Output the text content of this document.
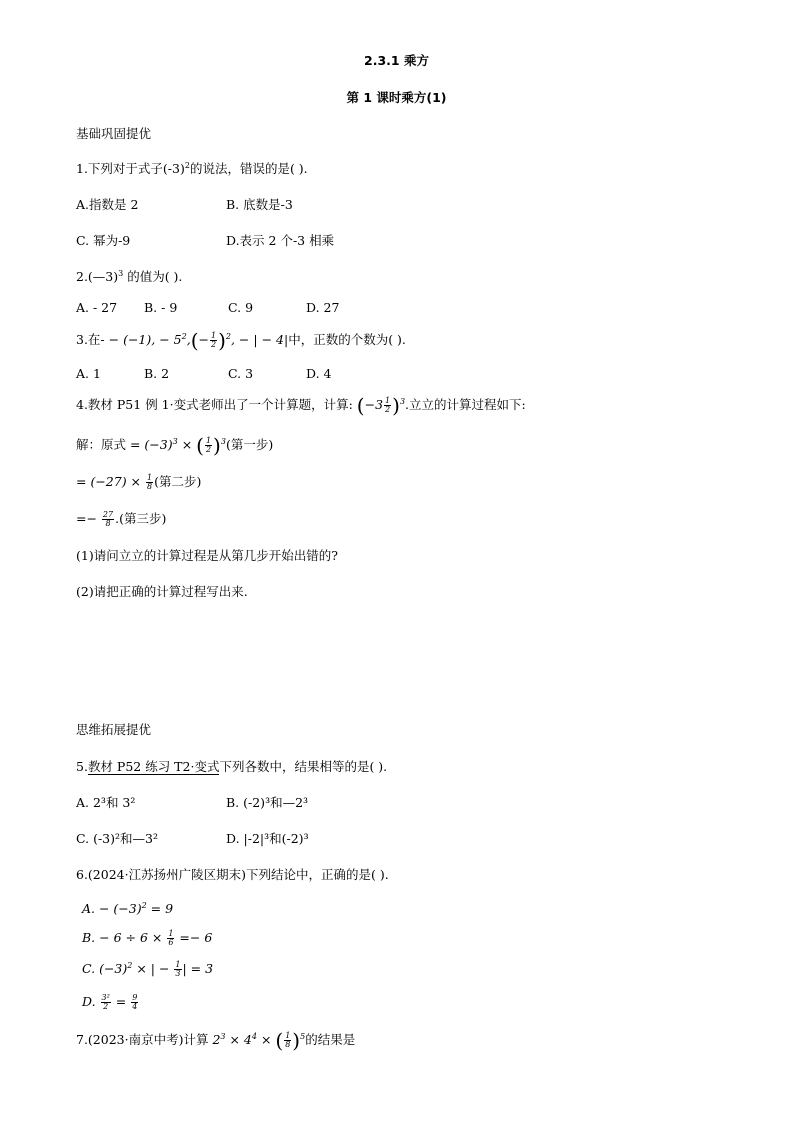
2.3.1 乘方
第 1 课时乘方(1)
基础巩固提优
1.下列对于式子$(-3)^2$的说法，错误的是( ).
A.指数是 2	B. 底数是-3
C. 幂为-9	D.表示 2 个-3 相乘
2.(—3)$^3$ 的值为( ).
A. - 27 B. - 9	C. 9	D. 27
3.在- − (−1), − $5^2,(- \frac{1}{2} )^2$, − | − 4|中，正数的个数为( ).
A. 1	B. 2	C. 3	D. 4
4.教材 P51 例 1·变式老师出了一个计算题，计算: $(-3 \frac{1}{2} )^3$.立立的计算过程如下:
解：原式 = $(-3)^3$ × ( $\frac{1}{2} )^3$(第一步)
= $(-27) \times \frac{1}{8}$ (第二步)
=− $\frac{27}{8}$ .(第三步)
(1)请问立立的计算过程是从第几步开始出错的?
(2)请把正确的计算过程写出来.
思维拓展提优
5.教材 P52 练习 T2·变式下列各数中，结果相等的是( ).
A. 2³和 3²	B. (-2)³和—2³
C. (-3)²和—3²	D. |-2|³和(-2)³
6.(2024·江苏扬州广陵区期末)下列结论中，正确的是( ).
A. − $(-3)^2 = 9$
B. − $6 \div 6 \times \frac{1}{6} =- 6$
C. $(-3)^2$ × | − $\frac{1}{3}$ | = 3
D. $\frac{\text{3²}}{2} = \frac{9}{4}$
7.(2023·南京中考)计算 $2^3 \times 4^4$ × ( $\frac{1}{8} )^5$的结果是
